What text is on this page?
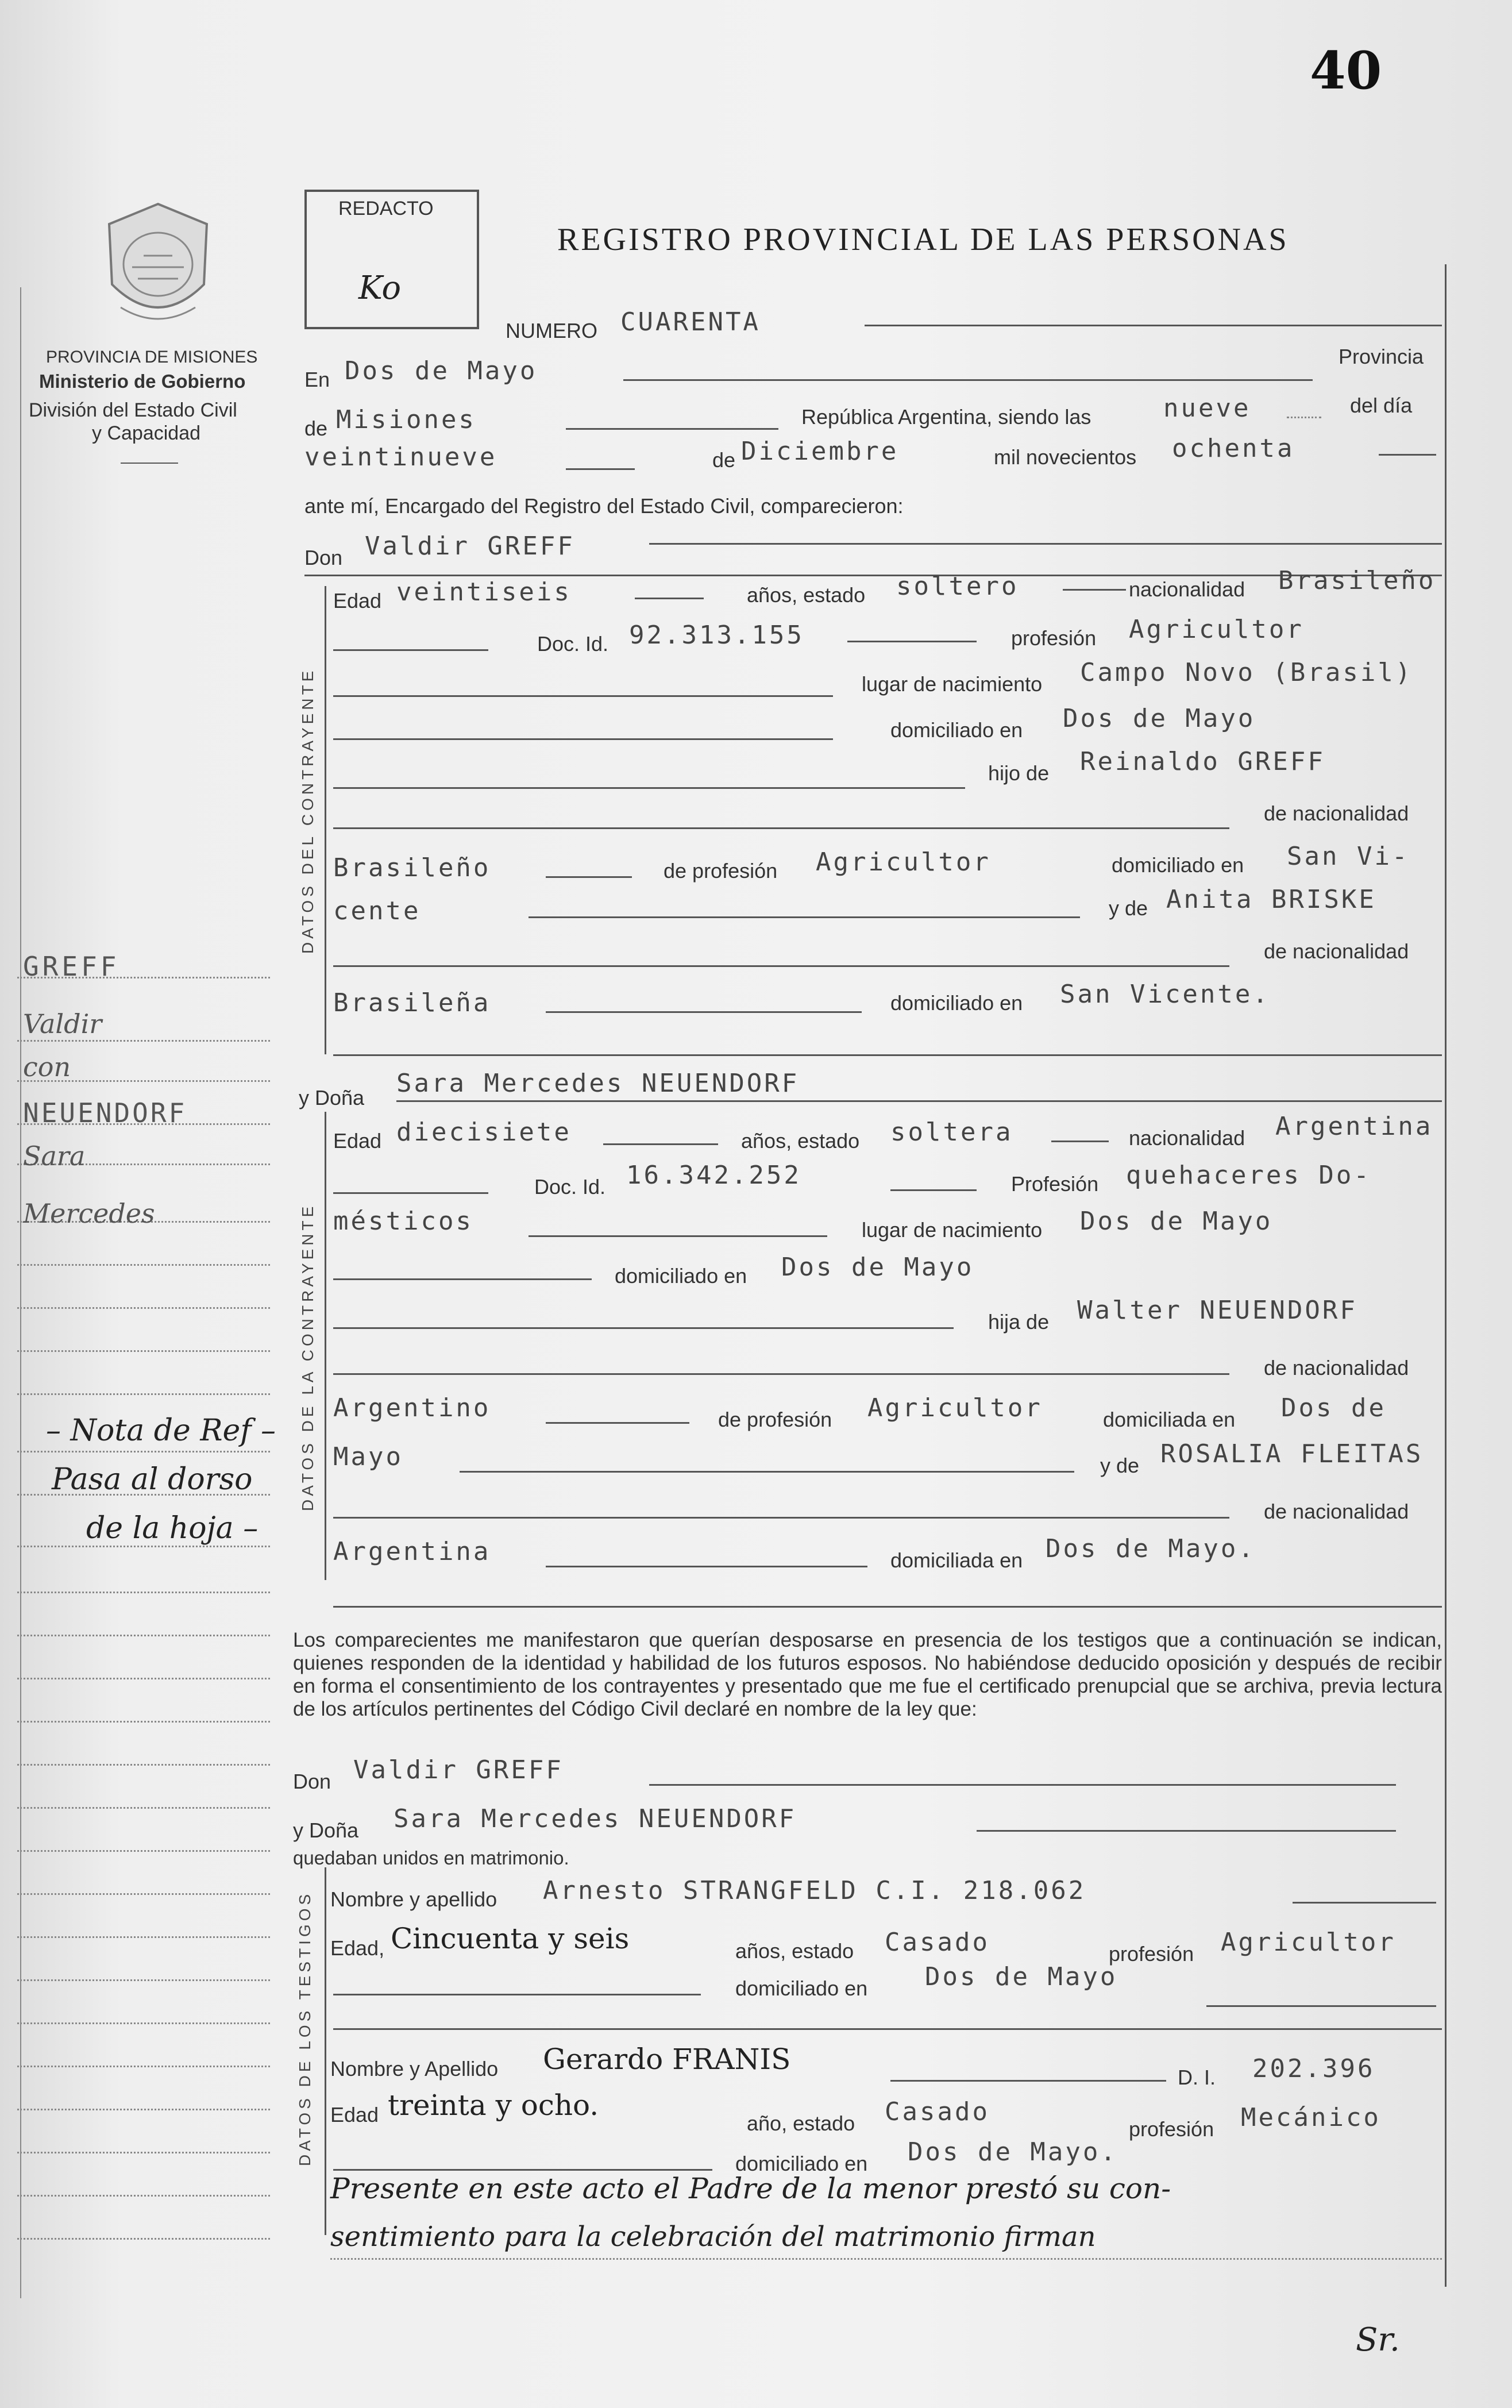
40
REDACTO
Ko
REGISTRO PROVINCIAL DE LAS PERSONAS
PROVINCIA DE MISIONES
Ministerio de Gobierno
División del Estado Civil
y Capacidad
GREFF
Valdir
con
NEUENDORF
Sara
Mercedes
– Nota de Ref –
Pasa al dorso
de la hoja –
NUMERO CUARENTA
En Dos de Mayo	Provincia
de Misiones	República Argentina, siendo las	nueve	del día
veintinueve	de Diciembre	mil novecientos ochenta
ante mí, Encargado del Registro del Estado Civil, comparecieron:
Don Valdir GREFF
DATOS DEL CONTRAYENTE
Edad veintiseis	años, estado soltero	nacionalidad Brasileño
Doc. Id. 92.313.155	profesión Agricultor
lugar de nacimiento Campo Novo (Brasil)
domiciliado en Dos de Mayo
hijo de Reinaldo GREFF
de nacionalidad
Brasileño	de profesión Agricultor	domiciliado en San Vi-
cente	y de Anita BRISKE
de nacionalidad
Brasileña	domiciliado en San Vicente.
y Doña Sara Mercedes NEUENDORF
DATOS DE LA CONTRAYENTE
Edad diecisiete	años, estado soltera	nacionalidad Argentina
Doc. Id. 16.342.252	Profesión quehaceres Do-
mésticos	lugar de nacimiento Dos de Mayo
domiciliado en Dos de Mayo
hija de Walter NEUENDORF
de nacionalidad
Argentino	de profesión Agricultor	domiciliada en Dos de
Mayo	y de ROSALIA FLEITAS
de nacionalidad
Argentina	domiciliada en Dos de Mayo.
Los comparecientes me manifestaron que querían desposarse en presencia de los testigos que a continuación se indican, quienes responden de la identidad y habilidad de los futuros esposos. No habiéndose deducido oposición y después de recibir en forma el consentimiento de los contrayentes y presentado que me fue el certificado prenupcial que se archiva, previa lectura de los artículos pertinentes del Código Civil declaré en nombre de la ley que:
Don Valdir GREFF
y Doña Sara Mercedes NEUENDORF
quedaban unidos en matrimonio.
DATOS DE LOS TESTIGOS Nombre y apellido Arnesto STRANGFELD C.I. 218.062
Edad, Cincuenta y seis	años, estado Casado	profesión Agricultor
domiciliado en Dos de Mayo
Nombre y Apellido Gerardo FRANIS
D. I. 202.396
Edad treinta y ocho.
año, estado Casado
profesión Mecánico
domiciliado en Dos de Mayo.
Presente en este acto el Padre de la menor prestó su con-
sentimiento para la celebración del matrimonio firman
Sr.
